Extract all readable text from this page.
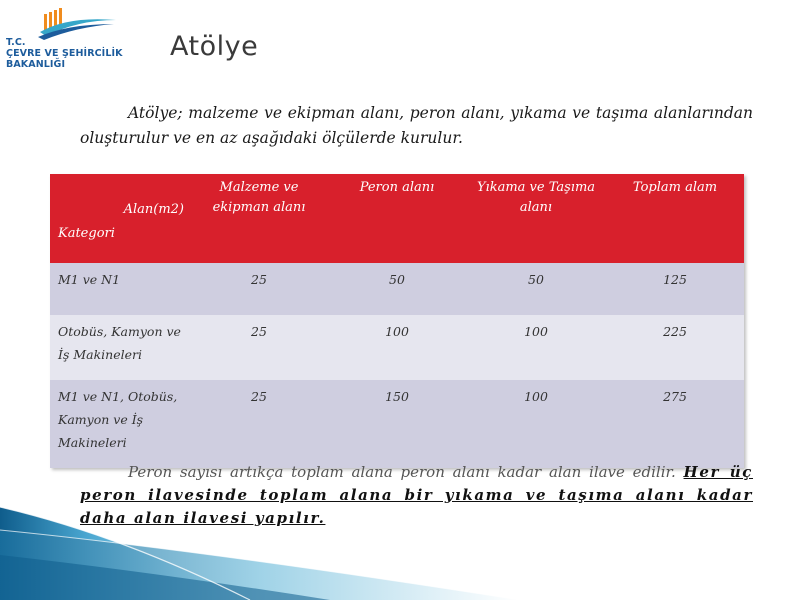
T.C.
ÇEVRE VE ŞEHİRCİLİK
BAKANLIĞI
Atölye
Atölye; malzeme ve ekipman alanı, peron alanı, yıkama ve taşıma alanlarından oluşturulur ve en az aşağıdaki ölçülerde kurulur.
Alan(m2)
Kategori	Malzeme ve ekipman alanı	Peron alanı	Yıkama ve Taşıma alanı	Toplam alam
M1 ve N1	25	50	50	125
Otobüs, Kamyon ve İş Makineleri	25	100	100	225
M1 ve N1, Otobüs, Kamyon ve İş Makineleri	25	150	100	275
Peron sayısı artıkça toplam alana peron alanı kadar alan ilave edilir. Her üç peron ilavesinde toplam alana bir yıkama ve taşıma alanı kadar daha alan ilavesi yapılır.
